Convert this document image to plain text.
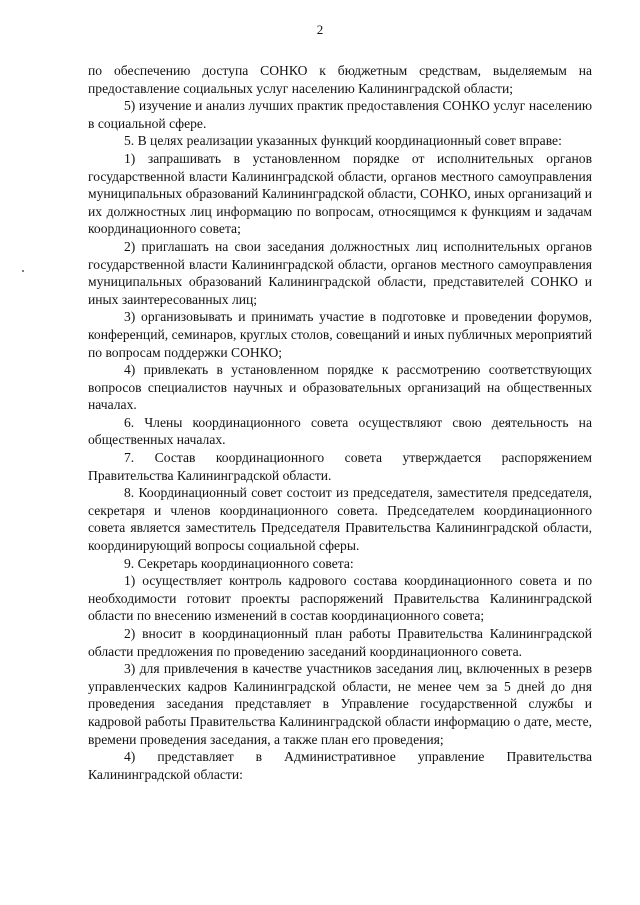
2

по обеспечению доступа СОНКО к бюджетным средствам, выделяемым на предоставление социальных услуг населению Калининградской области;

5) изучение и анализ лучших практик предоставления СОНКО услуг населению в социальной сфере.

5. В целях реализации указанных функций координационный совет вправе:

1) запрашивать в установленном порядке от исполнительных органов государственной власти Калининградской области, органов местного самоуправления муниципальных образований Калининградской области, СОНКО, иных организаций и их должностных лиц информацию по вопросам, относящимся к функциям и задачам координационного совета;

2) приглашать на свои заседания должностных лиц исполнительных органов государственной власти Калининградской области, органов местного самоуправления муниципальных образований Калининградской области, представителей СОНКО и иных заинтересованных лиц;

3) организовывать и принимать участие в подготовке и проведении форумов, конференций, семинаров, круглых столов, совещаний и иных публичных мероприятий по вопросам поддержки СОНКО;

4) привлекать в установленном порядке к рассмотрению соответствующих вопросов специалистов научных и образовательных организаций на общественных началах.

6. Члены координационного совета осуществляют свою деятельность на общественных началах.

7. Состав координационного совета утверждается распоряжением Правительства Калининградской области.

8. Координационный совет состоит из председателя, заместителя председателя, секретаря и членов координационного совета. Председателем координационного совета является заместитель Председателя Правительства Калининградской области, координирующий вопросы социальной сферы.

9. Секретарь координационного совета:

1) осуществляет контроль кадрового состава координационного совета и по необходимости готовит проекты распоряжений Правительства Калининградской области по внесению изменений в состав координационного совета;

2) вносит в координационный план работы Правительства Калининградской области предложения по проведению заседаний координационного совета.

3) для привлечения в качестве участников заседания лиц, включенных в резерв управленческих кадров Калининградской области, не менее чем за 5 дней до дня проведения заседания представляет в Управление государственной службы и кадровой работы Правительства Калининградской области информацию о дате, месте, времени проведения заседания, а также план его проведения;

4) представляет в Административное управление Правительства Калининградской области:
